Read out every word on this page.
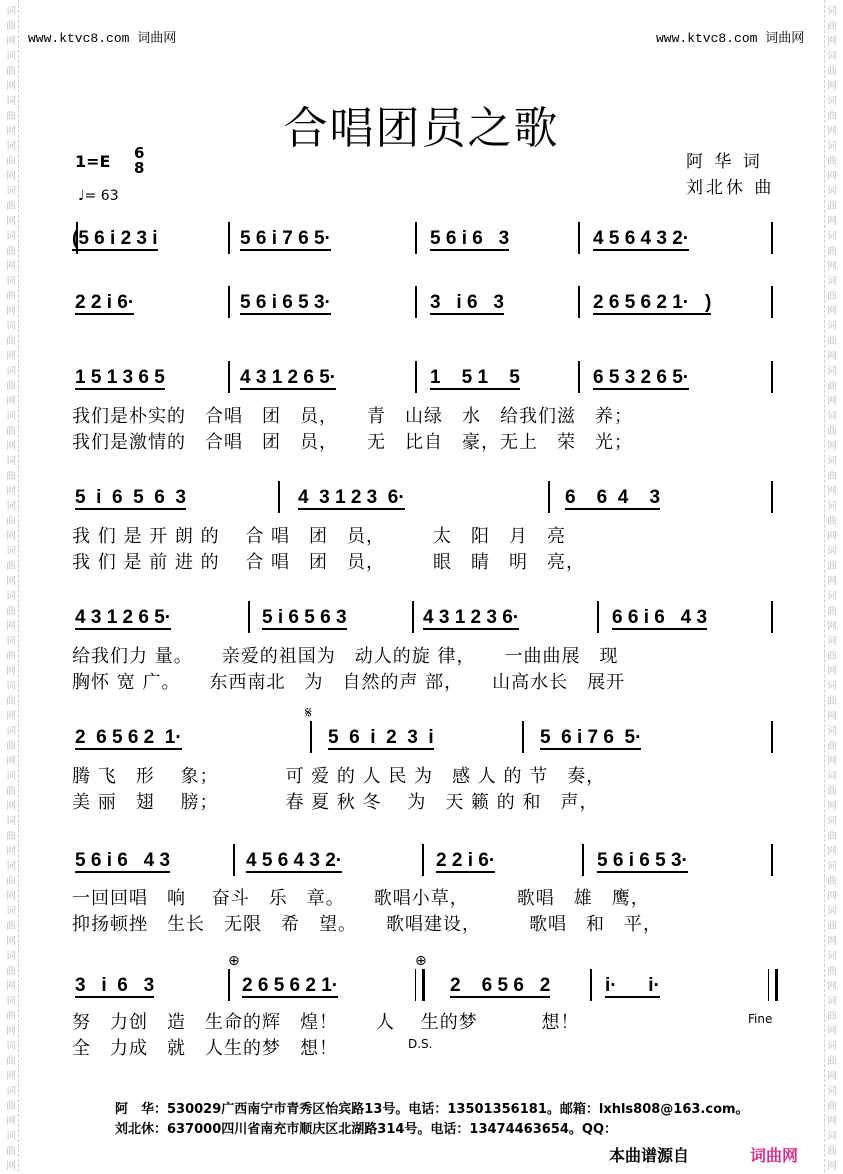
词
曲
网
词
曲
网
词
曲
网
词
曲
网
词
曲
网
词
曲
网
词
曲
网
词
曲
网
词
曲
网
词
曲
网
词
曲
网
词
曲
网
词
曲
网
词
曲
网
词
曲
网
词
曲
网
词
曲
网
词
曲
网
词
曲
网
词
曲
网
词
曲
网
词
曲
网
词
曲
网
词
曲
网
词
曲
网
词
曲
网
词
曲
网
词
曲
网
词
曲
网
词
曲
网
词
曲
网
词
曲
网
词
曲
网
词
曲
网
词
曲
网
词
曲
网
词
曲
网
词
曲
网
词
曲
网
词
曲
网
词
曲
网
词
曲
网
词
曲
网
词
曲
网
词
曲
网
词
曲
网
词
曲
网
词
曲
网
词
曲
网
词
曲
网
词
曲
网
词
曲
网
www.ktvc8.com 词曲网	www.ktvc8.com 词曲网
合唱团员之歌
1=E 6
8
♩= 63
阿 华 词
刘北休 曲
(5 6 i 2 3 i	5 6 i 7 6 5·	5 6 i 6   3	4 5 6 4 3 2·
2 2 i 6·	5 6 i 6 5 3·	3   i 6   3	2 6 5 6 2 1·   )
1 5 1 3 6 5	4 3 1 2 6 5·	1    5 1    5	6 5 3 2 6 5·
我们是朴实的　合唱　团　员，　　青　山绿　水　给我们滋　养；
我们是激情的　合唱　团　员，　　无　比自　豪，无上　荣　光；
5  i  6  5  6  3	4  3 1 2 3  6·	6    6  4    3
我 们 是 开 朗 的　 合 唱　团　员，　　　太　阳　月　亮
我 们 是 前 进 的　 合 唱　团　员，　　　眼　睛　明　亮，
4 3 1 2 6 5·	5 i 6 5 6 3	4 3 1 2 3 6·	6 6 i 6   4 3
给我们力 量。　　亲爱的祖国为　动人的旋 律，　　一曲曲展　现
胸怀 宽 广。　　东西南北　为　自然的声 部，　　山高水长　展开
2  6 5 6 2  1·	5  6  i  2  3  i	5  6 i 7 6  5·
腾 飞　形　 象；　　　　可 爱 的 人 民 为　感 人 的 节　奏，
美 丽　翅　 膀；　　　　春 夏 秋 冬　 为　天 籁 的 和　声，
5 6 i 6   4 3	4 5 6 4 3 2·	2 2 i 6·	5 6 i 6 5 3·
一回回唱　响　 奋斗　乐　章。　　歌唱小草，　　　歌唱　雄　鹰，
抑扬顿挫　生长　无限　希　望。　　歌唱建设，　　　歌唱　和　平，
3   i  6   3	2 6 5 6 2 1·	2    6 5 6   2	i·      i·
努　力创　造　生命的辉　煌！　　人　 生的梦　　　 想！
全　力成　就　人生的梦　想！
𝄋
⊕	⊕
Fine
D.S.
阿　华：530029广西南宁市青秀区怡宾路13号。电话：13501356181。邮箱：lxhls808@163.com。
刘北休：637000四川省南充市顺庆区北湖路314号。电话：13474463654。QQ：
本曲谱源自	词曲网
